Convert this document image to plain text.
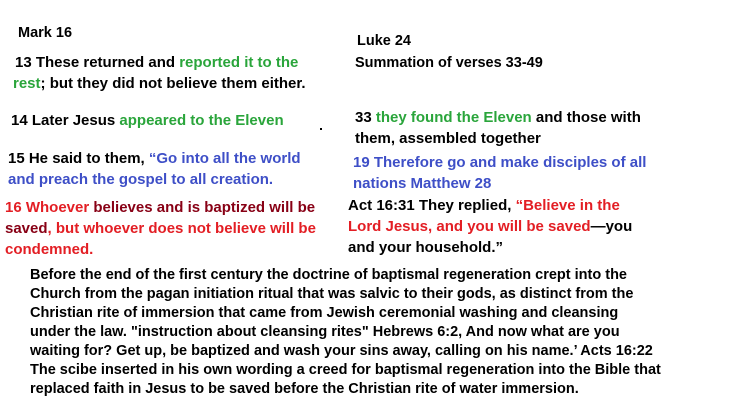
Mark 16
13 These returned and reported it to the
rest; but they did not believe them either.
14 Later Jesus appeared to the Eleven
15 He said to them, “Go into all the world
and preach the gospel to all creation.
16 Whoever believes and is baptized will be
saved, but whoever does not believe will be
condemned.
Luke 24
Summation of verses 33-49
33 they found the Eleven and those with
them, assembled together
19 Therefore go and make disciples of all
nations Matthew 28
Act 16:31 They replied, “Believe in the
Lord Jesus, and you will be saved—you
and your household.”
Before the end of the first century the doctrine of baptismal regeneration crept into the
Church from the pagan initiation ritual that was salvic to their gods, as distinct from the
Christian rite of immersion that came from Jewish ceremonial washing and cleansing
under the law. "instruction about cleansing rites" Hebrews 6:2, And now what are you
waiting for? Get up, be baptized and wash your sins away, calling on his name.’ Acts 16:22
The scibe inserted in his own wording a creed for baptismal regeneration into the Bible that
replaced faith in Jesus to be saved before the Christian rite of water immersion.
